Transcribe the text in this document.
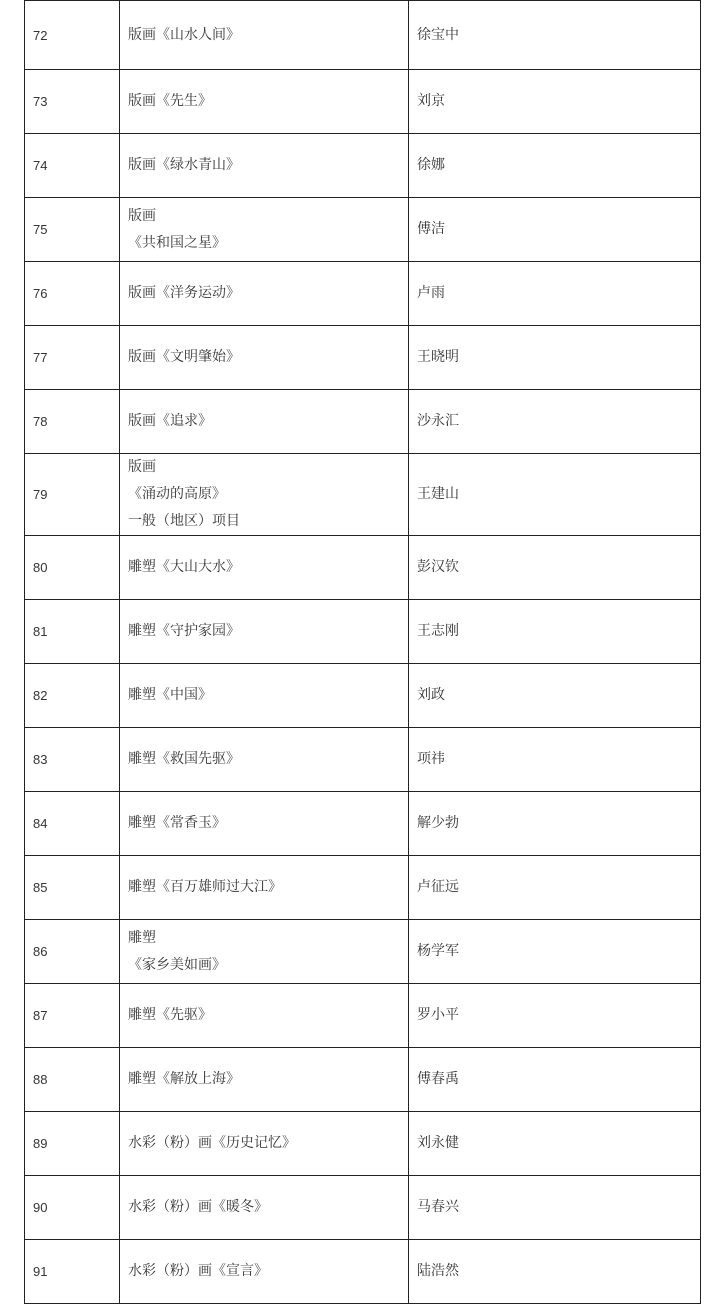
72	版画《山水人间》	徐宝中
73	版画《先生》	刘京
74	版画《绿水青山》	徐娜
75	版画
《共和国之星》	傅洁
76	版画《洋务运动》	卢雨
77	版画《文明肇始》	王晓明
78	版画《追求》	沙永汇
79	版画
《涌动的高原》
一般（地区）项目	王建山
80	雕塑《大山大水》	彭汉钦
81	雕塑《守护家园》	王志刚
82	雕塑《中国》	刘政
83	雕塑《救国先驱》	项祎
84	雕塑《常香玉》	解少勃
85	雕塑《百万雄师过大江》	卢征远
86	雕塑
《家乡美如画》	杨学军
87	雕塑《先驱》	罗小平
88	雕塑《解放上海》	傅春禹
89	水彩（粉）画《历史记忆》	刘永健
90	水彩（粉）画《暖冬》	马春兴
91	水彩（粉）画《宣言》	陆浩然
